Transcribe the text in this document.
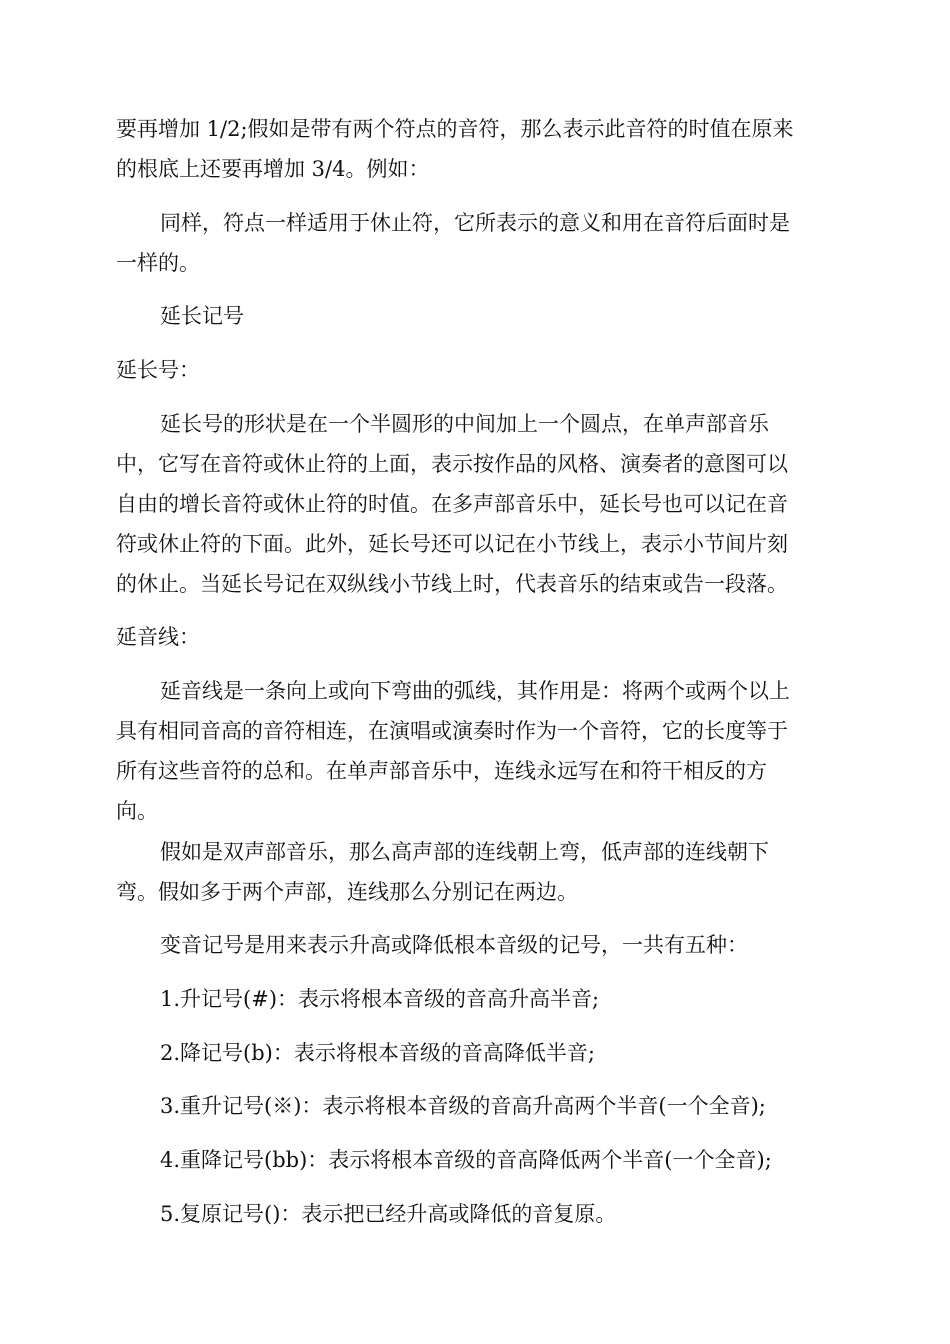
要再增加 1/2;假如是带有两个符点的音符，那么表示此音符的时值在原来
的根底上还要再增加 3/4。例如：
同样，符点一样适用于休止符，它所表示的意义和用在音符后面时是
一样的。
延长记号
延长号：
延长号的形状是在一个半圆形的中间加上一个圆点，在单声部音乐
中，它写在音符或休止符的上面，表示按作品的风格、演奏者的意图可以
自由的增长音符或休止符的时值。在多声部音乐中，延长号也可以记在音
符或休止符的下面。此外，延长号还可以记在小节线上，表示小节间片刻
的休止。当延长号记在双纵线小节线上时，代表音乐的结束或告一段落。
延音线：
延音线是一条向上或向下弯曲的弧线，其作用是：将两个或两个以上
具有相同音高的音符相连，在演唱或演奏时作为一个音符，它的长度等于
所有这些音符的总和。在单声部音乐中，连线永远写在和符干相反的方
向。
假如是双声部音乐，那么高声部的连线朝上弯，低声部的连线朝下
弯。假如多于两个声部，连线那么分别记在两边。
变音记号是用来表示升高或降低根本音级的记号，一共有五种：
1.升记号(#)：表示将根本音级的音高升高半音;
2.降记号(b)：表示将根本音级的音高降低半音;
3.重升记号(※)：表示将根本音级的音高升高两个半音(一个全音);
4.重降记号(bb)：表示将根本音级的音高降低两个半音(一个全音);
5.复原记号()：表示把已经升高或降低的音复原。
